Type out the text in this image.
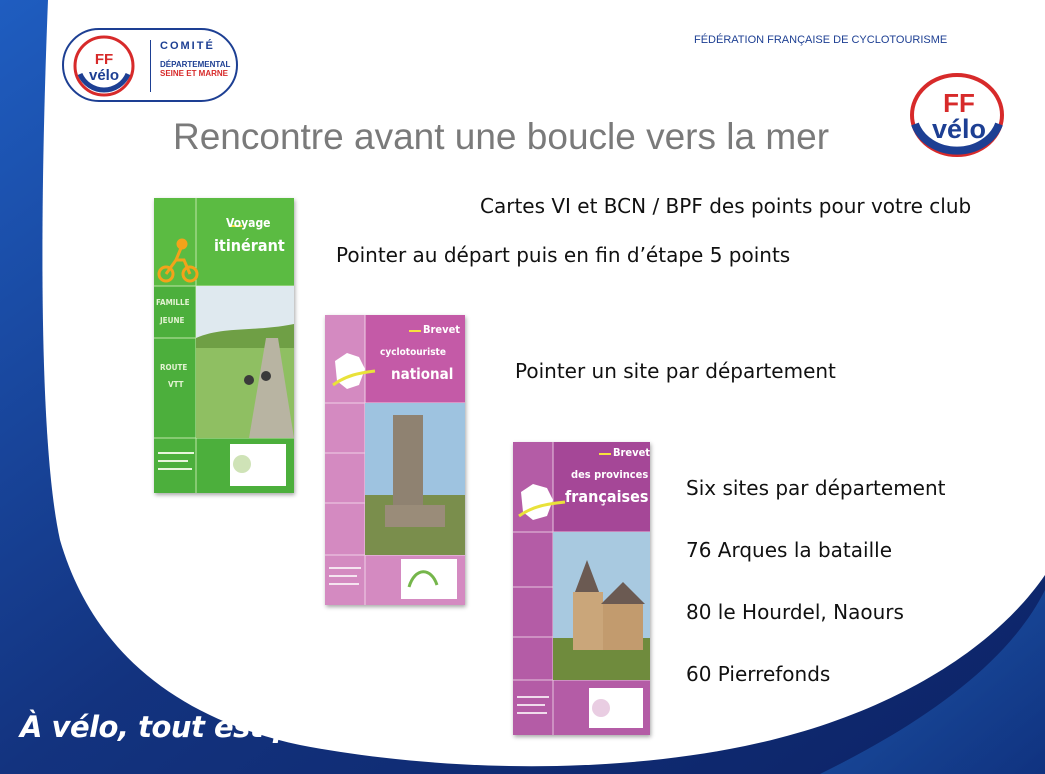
FF
vélo
COMITÉ
DÉPARTEMENTAL
SEINE ET MARNE
FÉDÉRATION FRANÇAISE DE CYCLOTOURISME
FF
vélo
Rencontre avant une boucle vers la mer
Cartes VI et BCN / BPF des points pour votre club
Pointer au départ puis en fin d’étape 5 points
Pointer un site par département
Six sites par département
76 Arques la bataille
80 le Hourdel, Naours
60 Pierrefonds
Voyage
itinérant
FAMILLE
JEUNE
ROUTE
VTT
Brevet
cyclotouriste
national
Brevet
des provinces
françaises
À vélo, tout est plus beau !
